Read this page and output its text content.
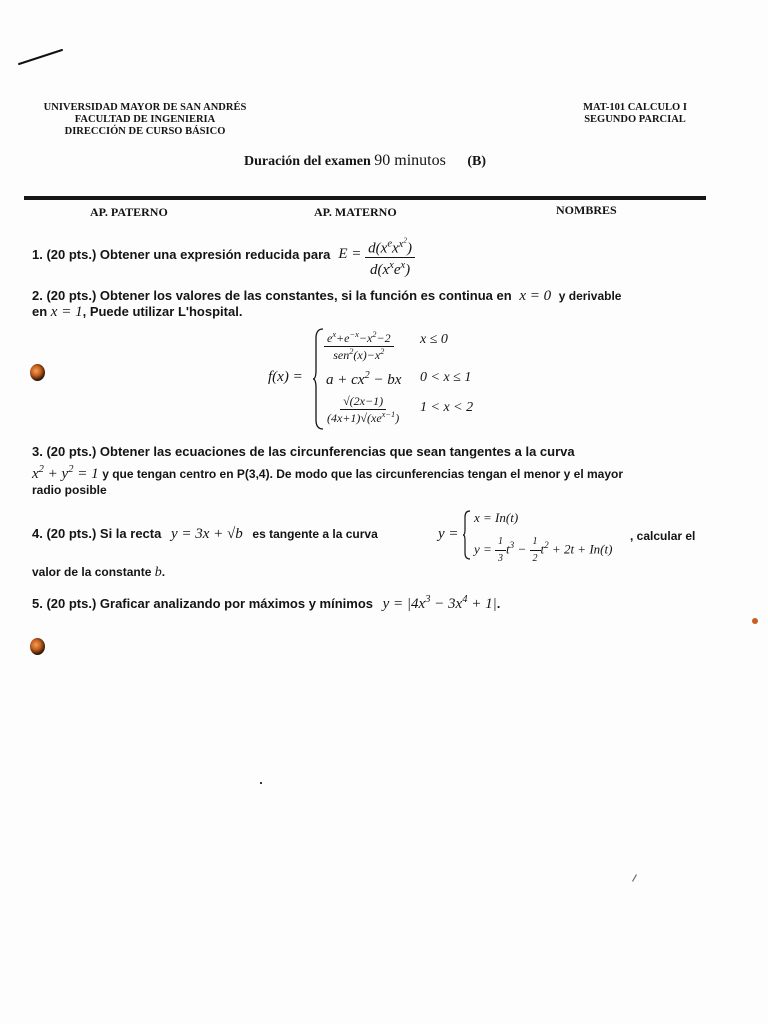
UNIVERSIDAD MAYOR DE SAN ANDRÉS
FACULTAD DE INGENIERIA
DIRECCIÓN DE CURSO BÁSICO
MAT-101 CALCULO I
SEGUNDO PARCIAL
Duración del examen 90 minutos (B)
AP. PATERNO	AP. MATERNO	NOMBRES
1. (20 pts.) Obtener una expresión reducida para $E = \frac{d(x^ex^{x^2})}{d(x^xe^x)}$
2. (20 pts.) Obtener los valores de las constantes, si la función es continua en x = 0 y derivable
en x = 1, Puede utilizar L'hospital.
f(x) =
$\frac{e^x+e^{-x}-x^2-2}{sen^2(x)-x^2}$ x ≤ 0
$a + cx^2$ − bx 0 < x ≤ 1
$\frac{√(2x-1)}{(4x+1)√(xe^{x-1})} 1 < x < 2$
3. (20 pts.) Obtener las ecuaciones de las circunferencias que sean tangentes a la curva
$x^2 + y^2 = 1$ y que tengan centro en P(3,4). De modo que las circunferencias tengan el menor y el mayor
radio posible
4. (20 pts.) Si la recta y = 3x + √b es tangente a la curva	y =
x = In(t)
$y = \frac{1}{3} t^3 - \frac{1}{2} t^2 + 2t + In(t)$
, calcular el
valor de la constante b.
5. (20 pts.) Graficar analizando por máximos y mínimos $y = |4x^3 - 3x^4 + 1|$.
